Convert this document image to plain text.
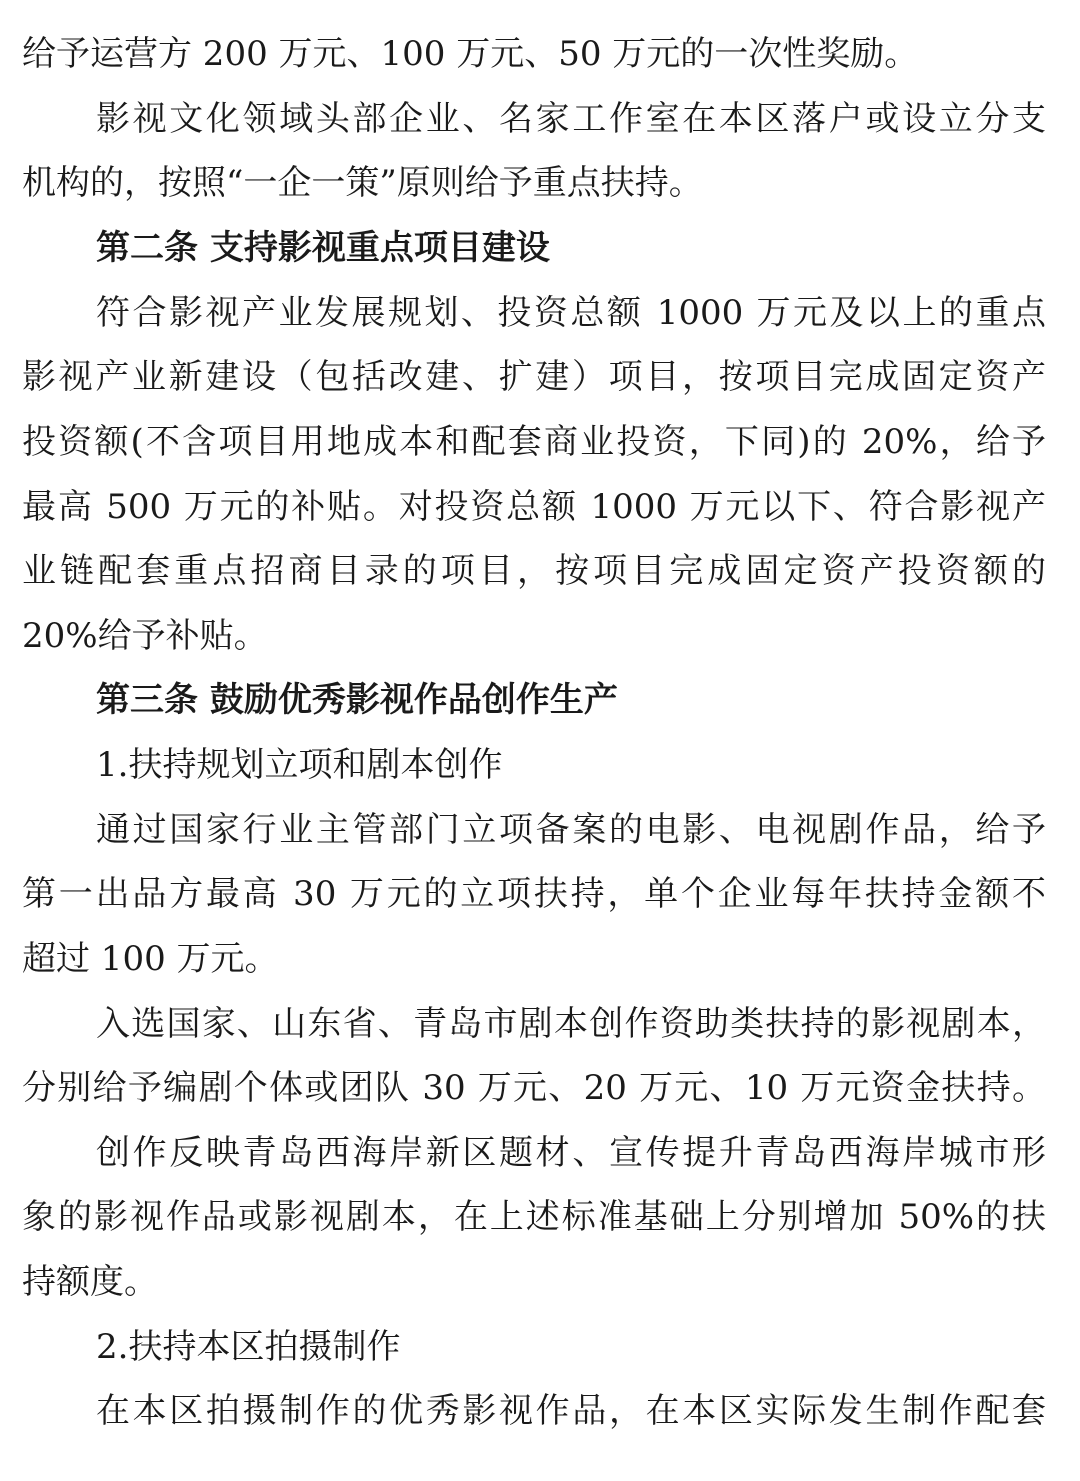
给予运营方 200 万元、100 万元、50 万元的一次性奖励。
影视文化领域头部企业、名家工作室在本区落户或设立分支
机构的，按照“一企一策”原则给予重点扶持。
第二条 支持影视重点项目建设
符合影视产业发展规划、投资总额 1000 万元及以上的重点
影视产业新建设（包括改建、扩建）项目，按项目完成固定资产
投资额(不含项目用地成本和配套商业投资，下同)的 20%，给予
最高 500 万元的补贴。对投资总额 1000 万元以下、符合影视产
业链配套重点招商目录的项目，按项目完成固定资产投资额的
20%给予补贴。
第三条 鼓励优秀影视作品创作生产
1.扶持规划立项和剧本创作
通过国家行业主管部门立项备案的电影、电视剧作品，给予
第一出品方最高 30 万元的立项扶持，单个企业每年扶持金额不
超过 100 万元。
入选国家、山东省、青岛市剧本创作资助类扶持的影视剧本，
分别给予编剧个体或团队 30 万元、20 万元、10 万元资金扶持。
创作反映青岛西海岸新区题材、宣传提升青岛西海岸城市形
象的影视作品或影视剧本，在上述标准基础上分别增加 50%的扶
持额度。
2.扶持本区拍摄制作
在本区拍摄制作的优秀影视作品，在本区实际发生制作配套
